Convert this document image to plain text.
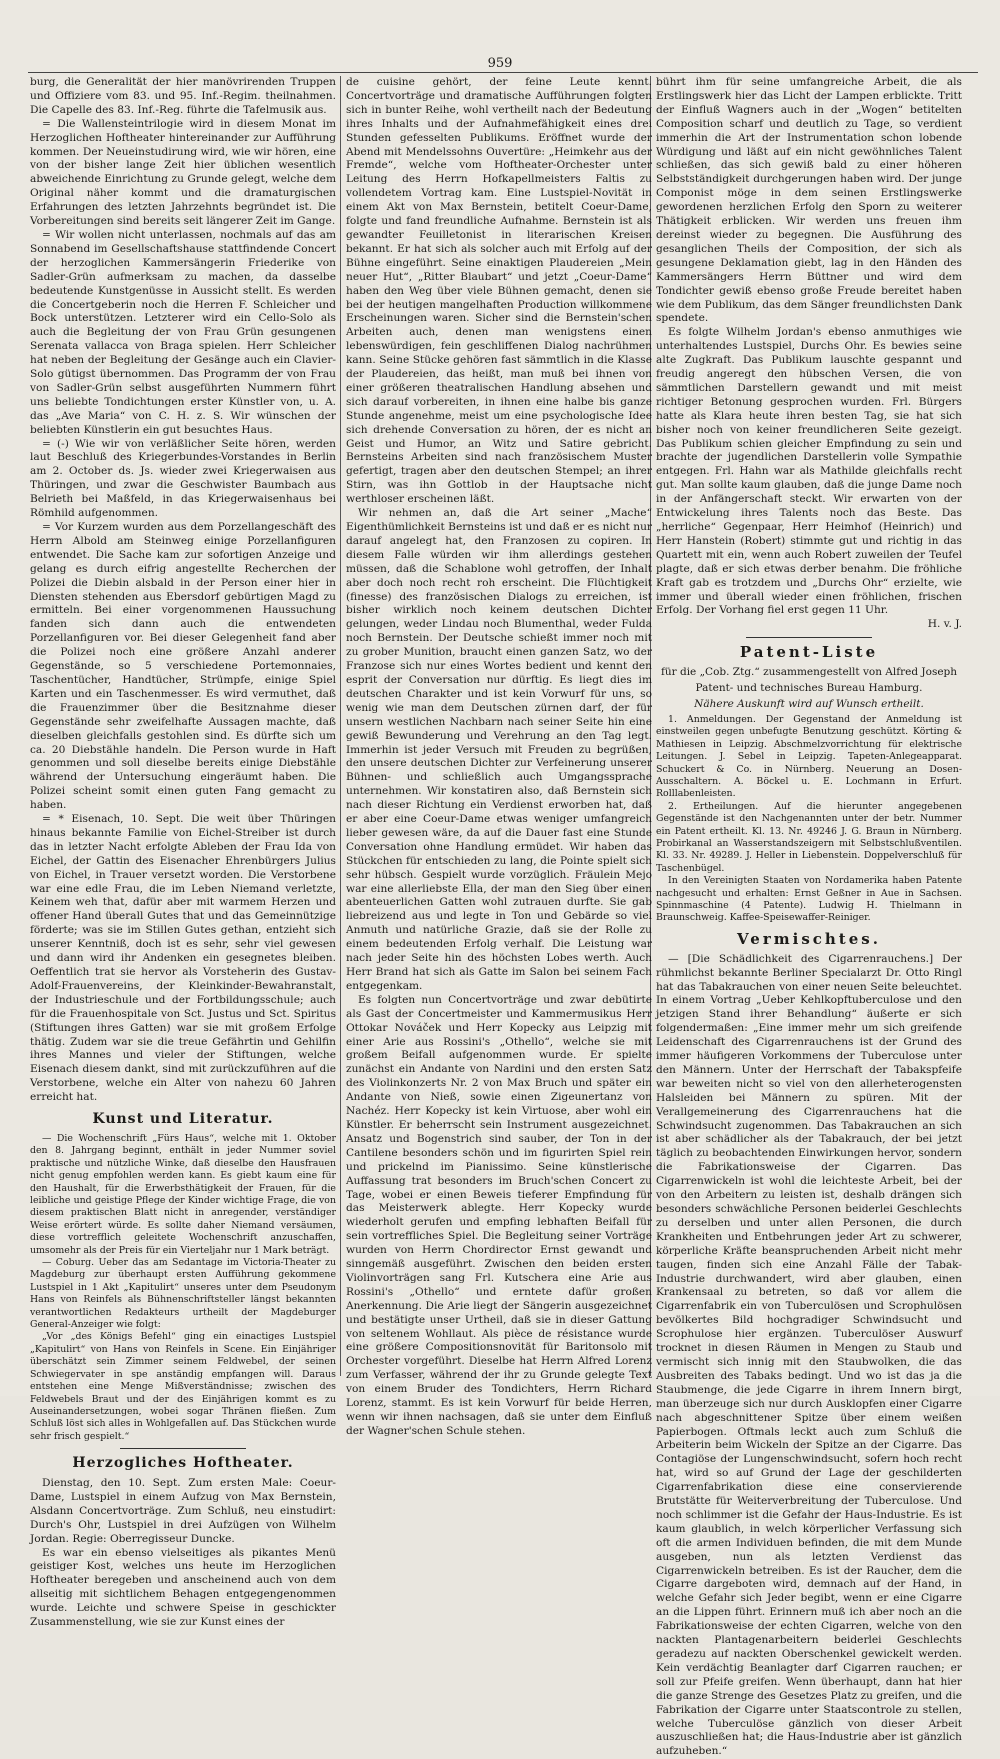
959

burg, die Generalität der hier manövrirenden Truppen und Offiziere vom 83. und 95. Inf.-Regim. theilnahmen. Die Capelle des 83. Inf.-Reg. führte die Tafelmusik aus.

= Die Wallensteintrilogie wird in diesem Monat im Herzoglichen Hoftheater hintereinander zur Aufführung kommen. Der Neueinstudirung wird, wie wir hören, eine von der bisher lange Zeit hier üblichen wesentlich abweichende Einrichtung zu Grunde gelegt, welche dem Original näher kommt und die dramaturgischen Erfahrungen des letzten Jahrzehnts begründet ist. Die Vorbereitungen sind bereits seit längerer Zeit im Gange.

= Wir wollen nicht unterlassen, nochmals auf das am Sonnabend im Gesellschaftshause stattfindende Concert der herzoglichen Kammersängerin Friederike von Sadler-Grün aufmerksam zu machen, da dasselbe bedeutende Kunstgenüsse in Aussicht stellt. Es werden die Concertgeberin noch die Herren F. Schleicher und Bock unterstützen. Letzterer wird ein Cello-Solo als auch die Begleitung der von Frau Grün gesungenen Serenata vallacca von Braga spielen. Herr Schleicher hat neben der Begleitung der Gesänge auch ein Clavier-Solo gütigst übernommen. Das Programm der von Frau von Sadler-Grün selbst ausgeführten Nummern führt uns beliebte Tondichtungen erster Künstler von, u. A. das „Ave Maria“ von C. H. z. S. Wir wünschen der beliebten Künstlerin ein gut besuchtes Haus.

= (-) Wie wir von verläßlicher Seite hören, werden laut Beschluß des Kriegerbundes-Vorstandes in Berlin am 2. October ds. Js. wieder zwei Kriegerwaisen aus Thüringen, und zwar die Geschwister Baumbach aus Belrieth bei Maßfeld, in das Kriegerwaisenhaus bei Römhild aufgenommen.

= Vor Kurzem wurden aus dem Porzellangeschäft des Herrn Albold am Steinweg einige Porzellanfiguren entwendet. Die Sache kam zur sofortigen Anzeige und gelang es durch eifrig angestellte Recherchen der Polizei die Diebin alsbald in der Person einer hier in Diensten stehenden aus Ebersdorf gebürtigen Magd zu ermitteln. Bei einer vorgenommenen Haussuchung fanden sich dann auch die entwendeten Porzellanfiguren vor. Bei dieser Gelegenheit fand aber die Polizei noch eine größere Anzahl anderer Gegenstände, so 5 verschiedene Portemonnaies, Taschentücher, Handtücher, Strümpfe, einige Spiel Karten und ein Taschenmesser. Es wird vermuthet, daß die Frauenzimmer über die Besitznahme dieser Gegenstände sehr zweifelhafte Aussagen machte, daß dieselben gleichfalls gestohlen sind. Es dürfte sich um ca. 20 Diebstähle handeln. Die Person wurde in Haft genommen und soll dieselbe bereits einige Diebstähle während der Untersuchung eingeräumt haben. Die Polizei scheint somit einen guten Fang gemacht zu haben.

= * Eisenach, 10. Sept. Die weit über Thüringen hinaus bekannte Familie von Eichel-Streiber ist durch das in letzter Nacht erfolgte Ableben der Frau Ida von Eichel, der Gattin des Eisenacher Ehrenbürgers Julius von Eichel, in Trauer versetzt worden. Die Verstorbene war eine edle Frau, die im Leben Niemand verletzte, Keinem weh that, dafür aber mit warmem Herzen und offener Hand überall Gutes that und das Gemeinnützige förderte; was sie im Stillen Gutes gethan, entzieht sich unserer Kenntniß, doch ist es sehr, sehr viel gewesen und dann wird ihr Andenken ein gesegnetes bleiben. Oeffentlich trat sie hervor als Vorsteherin des Gustav-Adolf-Frauenvereins, der Kleinkinder-Bewahranstalt, der Industrieschule und der Fortbildungsschule; auch für die Frauenhospitale von Sct. Justus und Sct. Spiritus (Stiftungen ihres Gatten) war sie mit großem Erfolge thätig. Zudem war sie die treue Gefährtin und Gehilfin ihres Mannes und vieler der Stiftungen, welche Eisenach diesem dankt, sind mit zurückzuführen auf die Verstorbene, welche ein Alter von nahezu 60 Jahren erreicht hat.

Kunst und Literatur.

— Die Wochenschrift „Fürs Haus“, welche mit 1. Oktober den 8. Jahrgang beginnt, enthält in jeder Nummer soviel praktische und nützliche Winke, daß dieselbe den Hausfrauen nicht genug empfohlen werden kann. Es giebt kaum eine für den Haushalt, für die Erwerbsthätigkeit der Frauen, für die leibliche und geistige Pflege der Kinder wichtige Frage, die von diesem praktischen Blatt nicht in anregender, verständiger Weise erörtert würde. Es sollte daher Niemand versäumen, diese vortrefflich geleitete Wochenschrift anzuschaffen, umsomehr als der Preis für ein Vierteljahr nur 1 Mark beträgt.

— Coburg. Ueber das am Sedantage im Victoria-Theater zu Magdeburg zur überhaupt ersten Aufführung gekommene Lustspiel in 1 Akt „Kapitulirt“ unseres unter dem Pseudonym Hans von Reinfels als Bühnenschriftsteller längst bekannten verantwortlichen Redakteurs urtheilt der Magdeburger General-Anzeiger wie folgt:

„Vor „des Königs Befehl“ ging ein einactiges Lustspiel „Kapitulirt“ von Hans von Reinfels in Scene. Ein Einjähriger überschätzt sein Zimmer seinem Feldwebel, der seinen Schwiegervater in spe anständig empfangen will. Daraus entstehen eine Menge Mißverständnisse; zwischen des Feldwebels Braut und der des Einjährigen kommt es zu Auseinandersetzungen, wobei sogar Thränen fließen. Zum Schluß löst sich alles in Wohlgefallen auf. Das Stückchen wurde sehr frisch gespielt.“

Herzogliches Hoftheater.

Dienstag, den 10. Sept. Zum ersten Male: Coeur-Dame, Lustspiel in einem Aufzug von Max Bernstein, Alsdann Concertvorträge. Zum Schluß, neu einstudirt: Durch's Ohr, Lustspiel in drei Aufzügen von Wilhelm Jordan. Regie: Oberregisseur Duncke.

Es war ein ebenso vielseitiges als pikantes Menü geistiger Kost, welches uns heute im Herzoglichen Hoftheater beregeben und anscheinend auch von dem allseitig mit sichtlichem Behagen entgegengenommen wurde. Leichte und schwere Speise in geschickter Zusammenstellung, wie sie zur Kunst eines der

de cuisine gehört, der feine Leute kennt. Concertvorträge und dramatische Aufführungen folgten sich in bunter Reihe, wohl vertheilt nach der Bedeutung ihres Inhalts und der Aufnahmefähigkeit eines drei Stunden gefesselten Publikums. Eröffnet wurde der Abend mit Mendelssohns Ouvertüre: „Heimkehr aus der Fremde“, welche vom Hoftheater-Orchester unter Leitung des Herrn Hofkapellmeisters Faltis zu vollendetem Vortrag kam. Eine Lustspiel-Novität in einem Akt von Max Bernstein, betitelt Coeur-Dame, folgte und fand freundliche Aufnahme. Bernstein ist als gewandter Feuilletonist in literarischen Kreisen bekannt. Er hat sich als solcher auch mit Erfolg auf der Bühne eingeführt. Seine einaktigen Plaudereien „Mein neuer Hut“, „Ritter Blaubart“ und jetzt „Coeur-Dame“ haben den Weg über viele Bühnen gemacht, denen sie bei der heutigen mangelhaften Production willkommene Erscheinungen waren. Sicher sind die Bernstein'schen Arbeiten auch, denen man wenigstens einen lebenswürdigen, fein geschliffenen Dialog nachrühmen kann. Seine Stücke gehören fast sämmtlich in die Klasse der Plaudereien, das heißt, man muß bei ihnen von einer größeren theatralischen Handlung absehen und sich darauf vorbereiten, in ihnen eine halbe bis ganze Stunde angenehme, meist um eine psychologische Idee sich drehende Conversation zu hören, der es nicht an Geist und Humor, an Witz und Satire gebricht. Bernsteins Arbeiten sind nach französischem Muster gefertigt, tragen aber den deutschen Stempel; an ihrer Stirn, was ihn Gottlob in der Hauptsache nicht werthloser erscheinen läßt.

Wir nehmen an, daß die Art seiner „Mache“ Eigenthümlichkeit Bernsteins ist und daß er es nicht nur darauf angelegt hat, den Franzosen zu copiren. In diesem Falle würden wir ihm allerdings gestehen müssen, daß die Schablone wohl getroffen, der Inhalt aber doch noch recht roh erscheint. Die Flüchtigkeit (finesse) des französischen Dialogs zu erreichen, ist bisher wirklich noch keinem deutschen Dichter gelungen, weder Lindau noch Blumenthal, weder Fulda noch Bernstein. Der Deutsche schießt immer noch mit zu grober Munition, braucht einen ganzen Satz, wo der Franzose sich nur eines Wortes bedient und kennt den esprit der Conversation nur dürftig. Es liegt dies im deutschen Charakter und ist kein Vorwurf für uns, so wenig wie man dem Deutschen zürnen darf, der für unsern westlichen Nachbarn nach seiner Seite hin eine gewiß Bewunderung und Verehrung an den Tag legt. Immerhin ist jeder Versuch mit Freuden zu begrüßen, den unsere deutschen Dichter zur Verfeinerung unserer Bühnen- und schließlich auch Umgangssprache unternehmen. Wir konstatiren also, daß Bernstein sich nach dieser Richtung ein Verdienst erworben hat, daß er aber eine Coeur-Dame etwas weniger umfangreich lieber gewesen wäre, da auf die Dauer fast eine Stunde Conversation ohne Handlung ermüdet. Wir haben das Stückchen für entschieden zu lang, die Pointe spielt sich sehr hübsch. Gespielt wurde vorzüglich. Fräulein Mejo war eine allerliebste Ella, der man den Sieg über einen abenteuerlichen Gatten wohl zutrauen durfte. Sie gab liebreizend aus und legte in Ton und Gebärde so viel Anmuth und natürliche Grazie, daß sie der Rolle zu einem bedeutenden Erfolg verhalf. Die Leistung war nach jeder Seite hin des höchsten Lobes werth. Auch Herr Brand hat sich als Gatte im Salon bei seinem Fach entgegenkam.

Es folgten nun Concertvorträge und zwar debütirte als Gast der Concertmeister und Kammermusikus Herr Ottokar Nováček und Herr Kopecky aus Leipzig mit einer Arie aus Rossini's „Othello“, welche sie mit großem Beifall aufgenommen wurde. Er spielte zunächst ein Andante von Nardini und den ersten Satz des Violinkonzerts Nr. 2 von Max Bruch und später ein Andante von Nieß, sowie einen Zigeunertanz von Nachéz. Herr Kopecky ist kein Virtuose, aber wohl ein Künstler. Er beherrscht sein Instrument ausgezeichnet. Ansatz und Bogenstrich sind sauber, der Ton in der Cantilene besonders schön und im figurirten Spiel rein und prickelnd im Pianissimo. Seine künstlerische Auffassung trat besonders im Bruch'schen Concert zu Tage, wobei er einen Beweis tieferer Empfindung für das Meisterwerk ablegte. Herr Kopecky wurde wiederholt gerufen und empfing lebhaften Beifall für sein vortreffliches Spiel. Die Begleitung seiner Vorträge wurden von Herrn Chordirector Ernst gewandt und sinngemäß ausgeführt. Zwischen den beiden ersten Violinvorträgen sang Frl. Kutschera eine Arie aus Rossini's „Othello“ und erntete dafür großen Anerkennung. Die Arie liegt der Sängerin ausgezeichnet und bestätigte unser Urtheil, daß sie in dieser Gattung von seltenem Wohllaut. Als pièce de résistance wurde eine größere Compositionsnovität für Baritonsolo mit Orchester vorgeführt. Dieselbe hat Herrn Alfred Lorenz zum Verfasser, während der ihr zu Grunde gelegte Text von einem Bruder des Tondichters, Herrn Richard Lorenz, stammt. Es ist kein Vorwurf für beide Herren, wenn wir ihnen nachsagen, daß sie unter dem Einfluß der Wagner'schen Schule stehen.

bührt ihm für seine umfangreiche Arbeit, die als Erstlingswerk hier das Licht der Lampen erblickte. Tritt der Einfluß Wagners auch in der „Wogen“ betitelten Composition scharf und deutlich zu Tage, so verdient immerhin die Art der Instrumentation schon lobende Würdigung und läßt auf ein nicht gewöhnliches Talent schließen, das sich gewiß bald zu einer höheren Selbstständigkeit durchgerungen haben wird. Der junge Componist möge in dem seinen Erstlingswerke gewordenen herzlichen Erfolg den Sporn zu weiterer Thätigkeit erblicken. Wir werden uns freuen ihm dereinst wieder zu begegnen. Die Ausführung des gesanglichen Theils der Composition, der sich als gesungene Deklamation giebt, lag in den Händen des Kammersängers Herrn Büttner und wird dem Tondichter gewiß ebenso große Freude bereitet haben wie dem Publikum, das dem Sänger freundlichsten Dank spendete.

Es folgte Wilhelm Jordan's ebenso anmuthiges wie unterhaltendes Lustspiel, Durchs Ohr. Es bewies seine alte Zugkraft. Das Publikum lauschte gespannt und freudig angeregt den hübschen Versen, die von sämmtlichen Darstellern gewandt und mit meist richtiger Betonung gesprochen wurden. Frl. Bürgers hatte als Klara heute ihren besten Tag, sie hat sich bisher noch von keiner freundlicheren Seite gezeigt. Das Publikum schien gleicher Empfindung zu sein und brachte der jugendlichen Darstellerin volle Sympathie entgegen. Frl. Hahn war als Mathilde gleichfalls recht gut. Man sollte kaum glauben, daß die junge Dame noch in der Anfängerschaft steckt. Wir erwarten von der Entwickelung ihres Talents noch das Beste. Das „herrliche“ Gegenpaar, Herr Heimhof (Heinrich) und Herr Hanstein (Robert) stimmte gut und richtig in das Quartett mit ein, wenn auch Robert zuweilen der Teufel plagte, daß er sich etwas derber benahm. Die fröhliche Kraft gab es trotzdem und „Durchs Ohr“ erzielte, wie immer und überall wieder einen fröhlichen, frischen Erfolg. Der Vorhang fiel erst gegen 11 Uhr.

H. v. J.

Patent-Liste
für die „Cob. Ztg.“ zusammengestellt von Alfred Joseph
Patent- und technisches Bureau Hamburg.
Nähere Auskunft wird auf Wunsch ertheilt.

1. Anmeldungen. Der Gegenstand der Anmeldung ist einstweilen gegen unbefugte Benutzung geschützt. Körting & Mathiesen in Leipzig. Abschmelzvorrichtung für elektrische Leitungen. J. Sebel in Leipzig. Tapeten-Anlegeapparat. Schuckert & Co. in Nürnberg. Neuerung an Dosen-Ausschaltern. A. Böckel u. E. Lochmann in Erfurt. Rolllabenleisten.

2. Ertheilungen. Auf die hierunter angegebenen Gegenstände ist den Nachgenannten unter der betr. Nummer ein Patent ertheilt. Kl. 13. Nr. 49246 J. G. Braun in Nürnberg. Probirkanal an Wasserstandszeigern mit Selbstschlußventilen. Kl. 33. Nr. 49289. J. Heller in Liebenstein. Doppelverschluß für Taschenbügel.

In den Vereinigten Staaten von Nordamerika haben Patente nachgesucht und erhalten: Ernst Geßner in Aue in Sachsen. Spinnmaschine (4 Patente). Ludwig H. Thielmann in Braunschweig. Kaffee-Speisewaffer-Reiniger.

Vermischtes.

— [Die Schädlichkeit des Cigarrenrauchens.] Der rühmlichst bekannte Berliner Specialarzt Dr. Otto Ringl hat das Tabakrauchen von einer neuen Seite beleuchtet. In einem Vortrag „Ueber Kehlkopftuberculose und den jetzigen Stand ihrer Behandlung“ äußerte er sich folgendermaßen: „Eine immer mehr um sich greifende Leidenschaft des Cigarrenrauchens ist der Grund des immer häufigeren Vorkommens der Tuberculose unter den Männern. Unter der Herrschaft der Tabakspfeife war beweiten nicht so viel von den allerheterogensten Halsleiden bei Männern zu spüren. Mit der Verallgemeinerung des Cigarrenrauchens hat die Schwindsucht zugenommen. Das Tabakrauchen an sich ist aber schädlicher als der Tabakrauch, der bei jetzt täglich zu beobachtenden Einwirkungen hervor, sondern die Fabrikationsweise der Cigarren. Das Cigarrenwickeln ist wohl die leichteste Arbeit, bei der von den Arbeitern zu leisten ist, deshalb drängen sich besonders schwächliche Personen beiderlei Geschlechts zu derselben und unter allen Personen, die durch Krankheiten und Entbehrungen jeder Art zu schwerer, körperliche Kräfte beanspruchenden Arbeit nicht mehr taugen, finden sich eine Anzahl Fälle der Tabak-Industrie durchwandert, wird aber glauben, einen Krankensaal zu betreten, so daß vor allem die Cigarrenfabrik ein von Tuberculösen und Scrophulösen bevölkertes Bild hochgradiger Schwindsucht und Scrophulose hier ergänzen. Tuberculöser Auswurf trocknet in diesen Räumen in Mengen zu Staub und vermischt sich innig mit den Staubwolken, die das Ausbreiten des Tabaks bedingt. Und wo ist das ja die Staubmenge, die jede Cigarre in ihrem Innern birgt, man überzeuge sich nur durch Ausklopfen einer Cigarre nach abgeschnittener Spitze über einem weißen Papierbogen. Oftmals leckt auch zum Schluß die Arbeiterin beim Wickeln der Spitze an der Cigarre. Das Contagiöse der Lungenschwindsucht, sofern hoch recht hat, wird so auf Grund der Lage der geschilderten Cigarrenfabrikation diese eine conservierende Brutstätte für Weiterverbreitung der Tuberculose. Und noch schlimmer ist die Gefahr der Haus-Industrie. Es ist kaum glaublich, in welch körperlicher Verfassung sich oft die armen Individuen befinden, die mit dem Munde ausgeben, nun als letzten Verdienst das Cigarrenwickeln betreiben. Es ist der Raucher, dem die Cigarre dargeboten wird, demnach auf der Hand, in welche Gefahr sich Jeder begibt, wenn er eine Cigarre an die Lippen führt. Erinnern muß ich aber noch an die Fabrikationsweise der echten Cigarren, welche von den nackten Plantagenarbeitern beiderlei Geschlechts geradezu auf nackten Oberschenkel gewickelt werden. Kein verdächtig Beanlagter darf Cigarren rauchen; er soll zur Pfeife greifen. Wenn überhaupt, dann hat hier die ganze Strenge des Gesetzes Platz zu greifen, und die Fabrikation der Cigarre unter Staatscontrole zu stellen, welche Tuberculöse gänzlich von dieser Arbeit auszuschließen hat; die Haus-Industrie aber ist gänzlich aufzuheben.“
